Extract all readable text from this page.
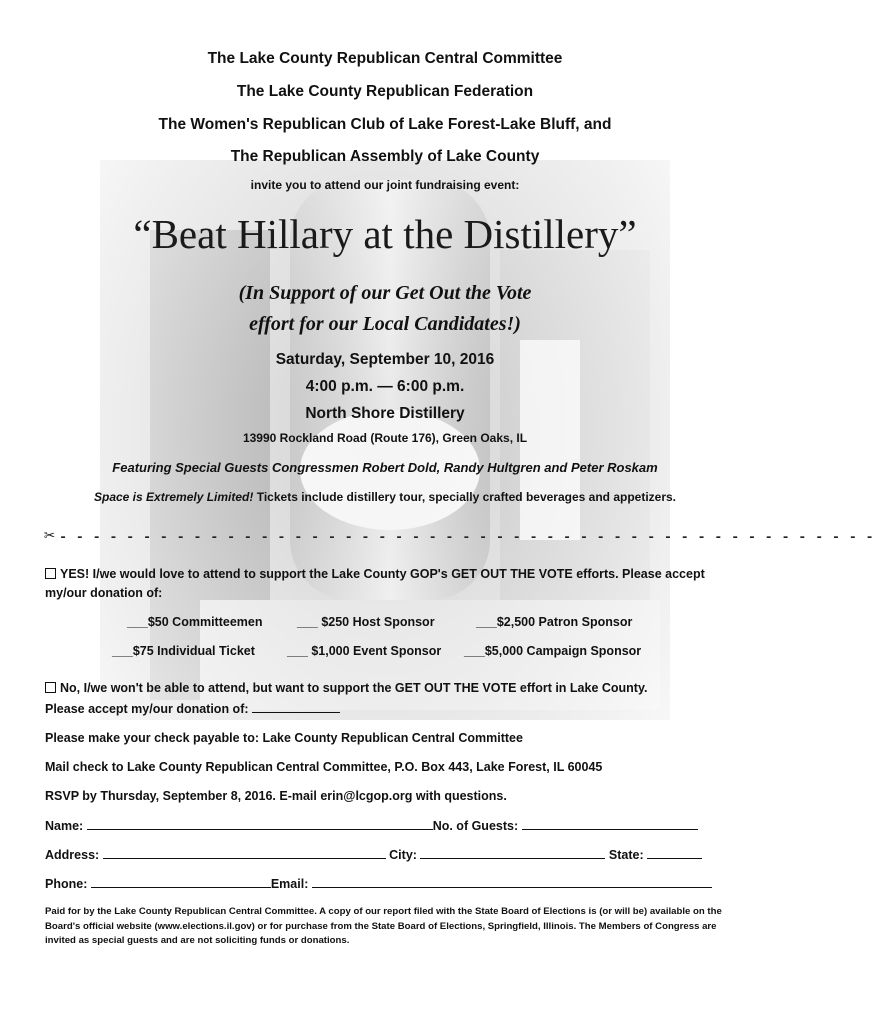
The Lake County Republican Central Committee
The Lake County Republican Federation
The Women's Republican Club of Lake Forest-Lake Bluff, and
The Republican Assembly of Lake County
invite you to attend our joint fundraising event:
“Beat Hillary at the Distillery”
(In Support of our Get Out the Vote
effort for our Local Candidates!)
Saturday, September 10, 2016
4:00 p.m. — 6:00 p.m.
North Shore Distillery
13990 Rockland Road (Route 176), Green Oaks, IL
Featuring Special Guests Congressmen Robert Dold, Randy Hultgren and Peter Roskam
Space is Extremely Limited! Tickets include distillery tour, specially crafted beverages and appetizers.
✂ - - - - - - - - - - - - - - - - - - - - - - - - - - - - - - - - - - - - - - - - - - - - - - - - -
YES! I/we would love to attend to support the Lake County GOP's GET OUT THE VOTE efforts. Please accept my/our donation of:
___$50 Committeemen	___ $250 Host Sponsor	___$2,500 Patron Sponsor
___$75 Individual Ticket	___ $1,000 Event Sponsor ___$5,000 Campaign Sponsor
No, I/we won't be able to attend, but want to support the GET OUT THE VOTE effort in Lake County.
Please accept my/our donation of:
Please make your check payable to: Lake County Republican Central Committee
Mail check to Lake County Republican Central Committee, P.O. Box 443, Lake Forest, IL 60045
RSVP by Thursday, September 8, 2016. E-mail erin@lcgop.org with questions.
Name:	No. of Guests:
Address:	City:	State:
Phone:	Email:
Paid for by the Lake County Republican Central Committee. A copy of our report filed with the State Board of Elections is (or will be) available on the Board's official website (www.elections.il.gov) or for purchase from the State Board of Elections, Springfield, Illinois. The Members of Congress are invited as special guests and are not soliciting funds or donations.
